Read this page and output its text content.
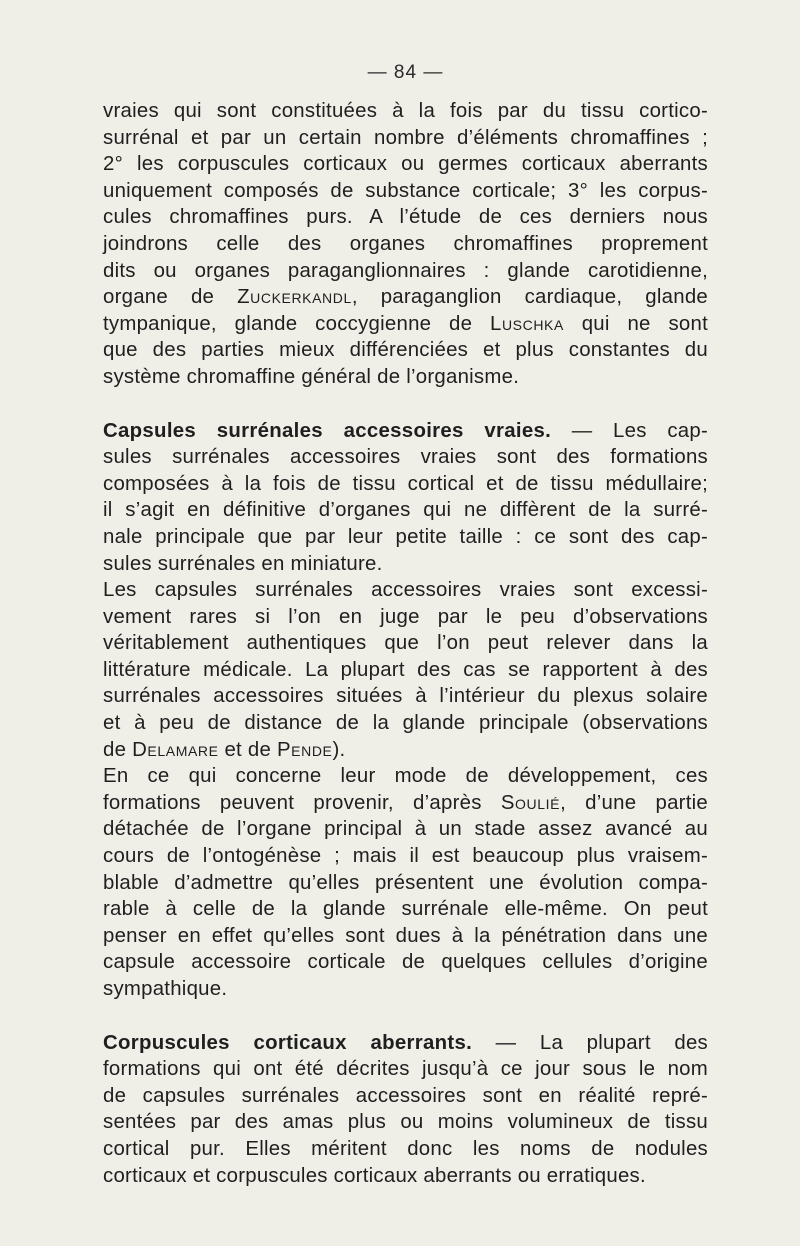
— 84 —

vraies qui sont constituées à la fois par du tissu cortico-
surrénal et par un certain nombre d’éléments chromaffines ;
2° les corpuscules corticaux ou germes corticaux aberrants
uniquement composés de substance corticale; 3° les corpus-
cules chromaffines purs. A l’étude de ces derniers nous
joindrons celle des organes chromaffines proprement
dits ou organes paraganglionnaires : glande carotidienne,
organe de Zuckerkandl, paraganglion cardiaque, glande
tympanique, glande coccygienne de Luschka qui ne sont
que des parties mieux différenciées et plus constantes du
système chromaffine général de l’organisme.

Capsules surrénales accessoires vraies. — Les cap-
sules surrénales accessoires vraies sont des formations
composées à la fois de tissu cortical et de tissu médullaire;
il s’agit en définitive d’organes qui ne diffèrent de la surré-
nale principale que par leur petite taille : ce sont des cap-
sules surrénales en miniature.

Les capsules surrénales accessoires vraies sont excessi-
vement rares si l’on en juge par le peu d’observations
véritablement authentiques que l’on peut relever dans la
littérature médicale. La plupart des cas se rapportent à des
surrénales accessoires situées à l’intérieur du plexus solaire
et à peu de distance de la glande principale (observations
de Delamare et de Pende).

En ce qui concerne leur mode de développement, ces
formations peuvent provenir, d’après Soulié, d’une partie
détachée de l’organe principal à un stade assez avancé au
cours de l’ontogénèse ; mais il est beaucoup plus vraisem-
blable d’admettre qu’elles présentent une évolution compa-
rable à celle de la glande surrénale elle-même. On peut
penser en effet qu’elles sont dues à la pénétration dans une
capsule accessoire corticale de quelques cellules d’origine
sympathique.

Corpuscules corticaux aberrants. — La plupart des
formations qui ont été décrites jusqu’à ce jour sous le nom
de capsules surrénales accessoires sont en réalité repré-
sentées par des amas plus ou moins volumineux de tissu
cortical pur. Elles méritent donc les noms de nodules
corticaux et corpuscules corticaux aberrants ou erratiques.
